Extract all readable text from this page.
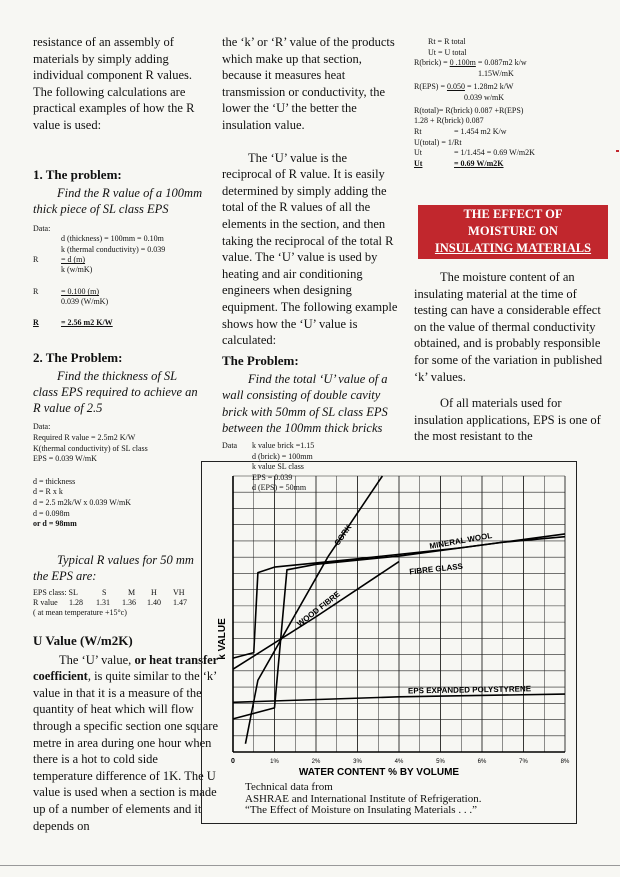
resistance of an assembly of
materials by simply adding
individual component R values.
The following calculations are
practical examples of how the R
value is used:
1. The problem:
Find the R value of a 100mm
thick piece of SL class EPS
Data:
d (thickness) = 100mm = 0.10m
k (thermal conductivity) = 0.039
R	= d (m)
k (w/mK)
R	= 0.100 (m)
0.039 (W/mK)
R	= 2.56 m2 K/W
2. The Problem:
Find the thickness of SL
class EPS required to achieve an
R value of 2.5
Data:
Required R value = 2.5m2 K/W
K(thermal conductivity) of SL class
EPS = 0.039 W/mK
d = thickness
d = R x k
d = 2.5 m2k/W x 0.039 W/mK
d = 0.098m
or d = 98mm
Typical R values for 50 mm
the EPS are:
EPS class: SL	S	M H VH
R value 1.28 1.31 1.36 1.40 1.47
( at mean temperature +15°c)
U Value (W/m2K)

The ‘U’ value, or heat transfer coefficient, is quite similar to the ‘k’ value in that it is a measure of the quantity of heat which will flow through a specific section one square metre in area during one hour when there is a hot to cold side temperature difference of 1K. The U value is used when a section is made up of a number of elements and it depends on

the ‘k’ or ‘R’ value of the products which make up that section, because it measures heat transmission or conductivity, the lower the ‘U’ the better the insulation value.

The ‘U’ value is the reciprocal of R value. It is easily determined by simply adding the total of the R values of all the elements in the section, and then taking the reciprocal of the total R value. The ‘U’ value is used by heating and air conditioning engineers when designing equipment. The following example shows how the ‘U’ value is calculated:

The Problem:

Find the total ‘U’ value of a wall consisting of double cavity brick with 50mm of SL class EPS between the 100mm thick bricks

Data k value brick =1.15
d (brick) = 100mm
k value SL class
EPS = 0.039
d (EPS) = 50mm
Rt = R total
Ut = U total
R(brick) = 0 .100m = 0.087m2 k/w
1.15W/mK
R(EPS) = 0.050 = 1.28m2 k/W
0.039 w/mK
R(total)= R(brick) 0.087 +R(EPS)
1.28 + R(brick) 0.087
Rt	= 1.454 m2 K/w
U(total) = 1/Rt
Ut	= 1/1.454 = 0.69 W/m2K
Ut	= 0.69 W/m2K
THE EFFECT OF
MOISTURE ON
INSULATING MATERIALS

The moisture content of an insulating material at the time of testing can have a considerable effect on the value of thermal conductivity obtained, and is probably responsible for some of the variation in published ‘k’ values.

Of all materials used for insulation applications, EPS is one of the most resistant to the

0	1%	2%	3%	4%	5%	6%	7%	8%
WATER CONTENT % BY VOLUME
k VALUE
CORK	MINERAL WOOL
FIBRE GLASS
WOOD FIBRE
EPS EXPANDED POLYSTYRENE
Technical data from
ASHRAE and International Institute of Refrigeration.
“The Effect of Moisture on Insulating Materials . . .”
